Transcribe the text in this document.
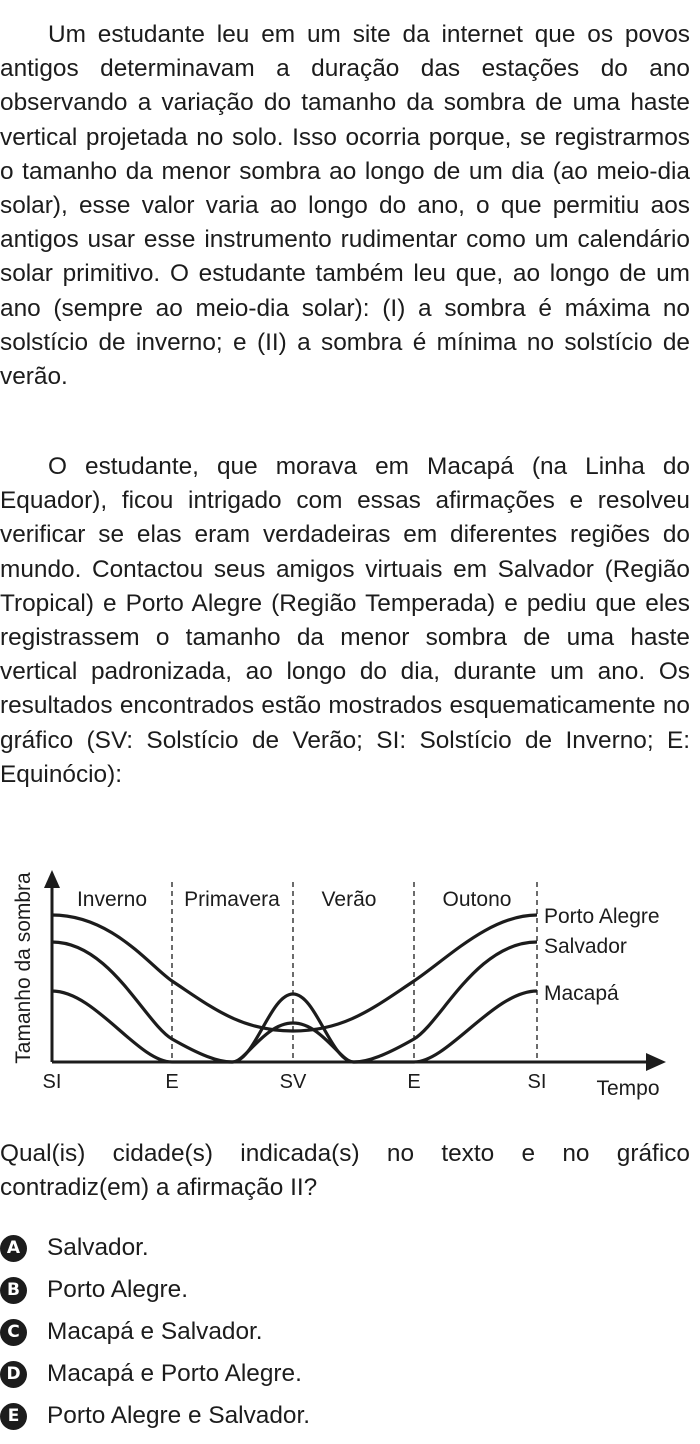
Um estudante leu em um site da internet que os povos antigos determinavam a duração das estações do ano observando a variação do tamanho da sombra de uma haste vertical projetada no solo. Isso ocorria porque, se registrarmos o tamanho da menor sombra ao longo de um dia (ao meio-dia solar), esse valor varia ao longo do ano, o que permitiu aos antigos usar esse instrumento rudimentar como um calendário solar primitivo. O estudante também leu que, ao longo de um ano (sempre ao meio-dia solar): (I) a sombra é máxima no solstício de inverno; e (II) a sombra é mínima no solstício de verão.

O estudante, que morava em Macapá (na Linha do Equador), ficou intrigado com essas afirmações e resolveu verificar se elas eram verdadeiras em diferentes regiões do mundo. Contactou seus amigos virtuais em Salvador (Região Tropical) e Porto Alegre (Região Temperada) e pediu que eles registrassem o tamanho da menor sombra de uma haste vertical padronizada, ao longo do dia, durante um ano. Os resultados encontrados estão mostrados esquematicamente no gráfico (SV: Solstício de Verão; SI: Solstício de Inverno; E: Equinócio):

Tamanho da sombra Inverno Primavera Verão	Outono
Porto Alegre
Salvador
Macapá
SI	E	SV	E	SI Tempo

Qual(is) cidade(s) indicada(s) no texto e no gráfico contradiz(em) a afirmação II?

A Salvador.
B Porto Alegre.
C Macapá e Salvador.
D Macapá e Porto Alegre.
E	Porto Alegre e Salvador.
